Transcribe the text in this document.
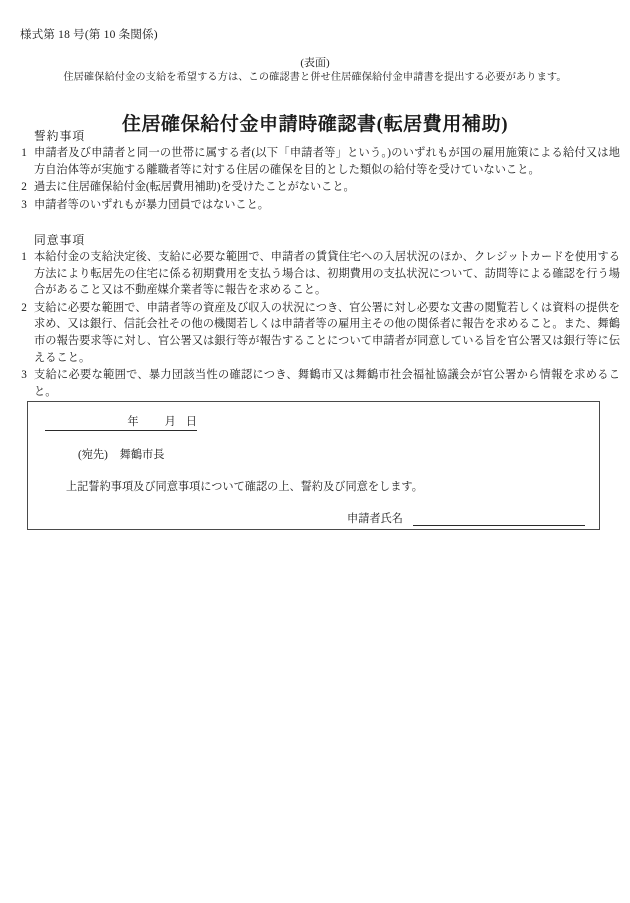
様式第 18 号(第 10 条関係)
(表面)
住居確保給付金の支給を希望する方は、この確認書と併せ住居確保給付金申請書を提出する必要があります。
住居確保給付金申請時確認書(転居費用補助)
誓約事項
1 申請者及び申請者と同一の世帯に属する者(以下「申請者等」という。)のいずれもが国の雇用施策による給付又は地方自治体等が実施する離職者等に対する住居の確保を目的とした類似の給付等を受けていないこと。
2 過去に住居確保給付金(転居費用補助)を受けたことがないこと。
3 申請者等のいずれもが暴力団員ではないこと。
同意事項
1 本給付金の支給決定後、支給に必要な範囲で、申請者の賃貸住宅への入居状況のほか、クレジットカードを使用する方法により転居先の住宅に係る初期費用を支払う場合は、初期費用の支払状況について、訪問等による確認を行う場合があること又は不動産媒介業者等に報告を求めること。
2 支給に必要な範囲で、申請者等の資産及び収入の状況につき、官公署に対し必要な文書の閲覧若しくは資料の提供を求め、又は銀行、信託会社その他の機関若しくは申請者等の雇用主その他の関係者に報告を求めること。また、舞鶴市の報告要求等に対し、官公署又は銀行等が報告することについて申請者が同意している旨を官公署又は銀行等に伝えること。
3 支給に必要な範囲で、暴力団該当性の確認につき、舞鶴市又は舞鶴市社会福祉協議会が官公署から情報を求めること。
年 月 日
(宛先) 舞鶴市長
上記誓約事項及び同意事項について確認の上、誓約及び同意をします。
申請者氏名
